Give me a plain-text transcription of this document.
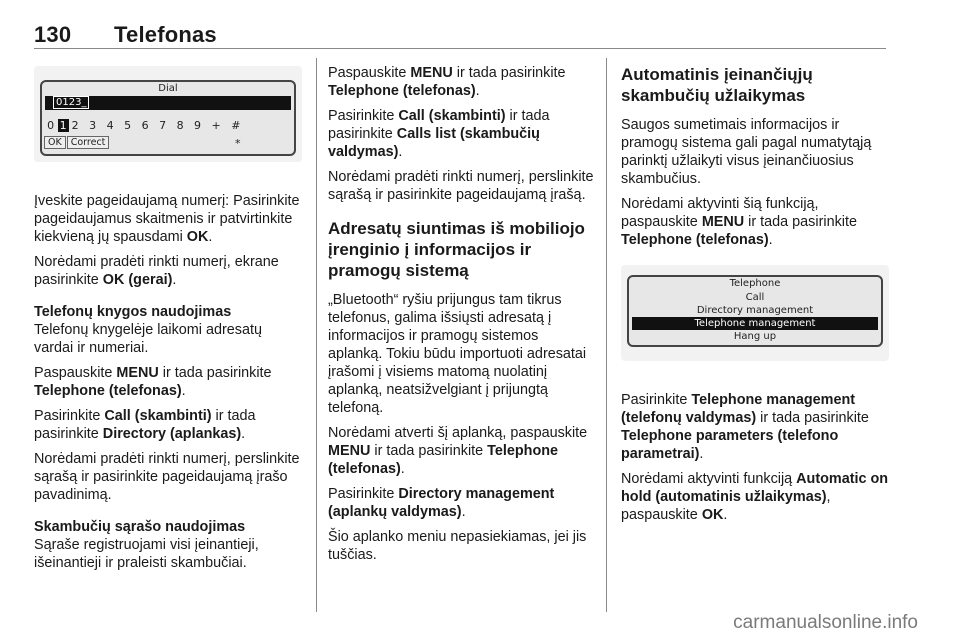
130 Telefonas
Dial
0123_
0 1 2 3 4 5 6 7 8 9 + # *
OK Correct

Įveskite pageidaujamą numerį: Pasirinkite pageidaujamus skaitmenis ir patvirtinkite kiekvieną jų spausdami OK.

Norėdami pradėti rinkti numerį, ekrane pasirinkite OK (gerai).

Telefonų knygos naudojimas

Telefonų knygelėje laikomi adresatų vardai ir numeriai.

Paspauskite MENU ir tada pasirinkite Telephone (telefonas).

Pasirinkite Call (skambinti) ir tada pasirinkite Directory (aplankas).

Norėdami pradėti rinkti numerį, perslinkite sąrašą ir pasirinkite pageidaujamą įrašo pavadinimą.

Skambučių sąrašo naudojimas

Sąraše registruojami visi įeinantieji, išeinantieji ir praleisti skambučiai.

Paspauskite MENU ir tada pasirinkite Telephone (telefonas).

Pasirinkite Call (skambinti) ir tada pasirinkite Calls list (skambučių valdymas).

Norėdami pradėti rinkti numerį, perslinkite sąrašą ir pasirinkite pageidaujamą įrašą.

Adresatų siuntimas iš mobiliojo įrenginio į informacijos ir pramogų sistemą

„Bluetooth“ ryšiu prijungus tam tikrus telefonus, galima išsiųsti adresatą į informacijos ir pramogų sistemos aplanką. Tokiu būdu importuoti adresatai įrašomi į visiems matomą nuolatinį aplanką, neatsižvelgiant į prijungtą telefoną.

Norėdami atverti šį aplanką, paspauskite MENU ir tada pasirinkite Telephone (telefonas).

Pasirinkite Directory management (aplankų valdymas).

Šio aplanko meniu nepasiekiamas, jei jis tuščias.

Automatinis įeinančiųjų skambučių užlaikymas

Saugos sumetimais informacijos ir pramogų sistema gali pagal numatytąją parinktį užlaikyti visus įeinančiuosius skambučius.

Norėdami aktyvinti šią funkciją, paspauskite MENU ir tada pasirinkite Telephone (telefonas).

Telephone
Call
Directory management
Telephone management
Hang up

Pasirinkite Telephone management (telefonų valdymas) ir tada pasirinkite Telephone parameters (telefono parametrai).

Norėdami aktyvinti funkciją Automatic on hold (automatinis užlaikymas), paspauskite OK.

carmanualsonline.info
